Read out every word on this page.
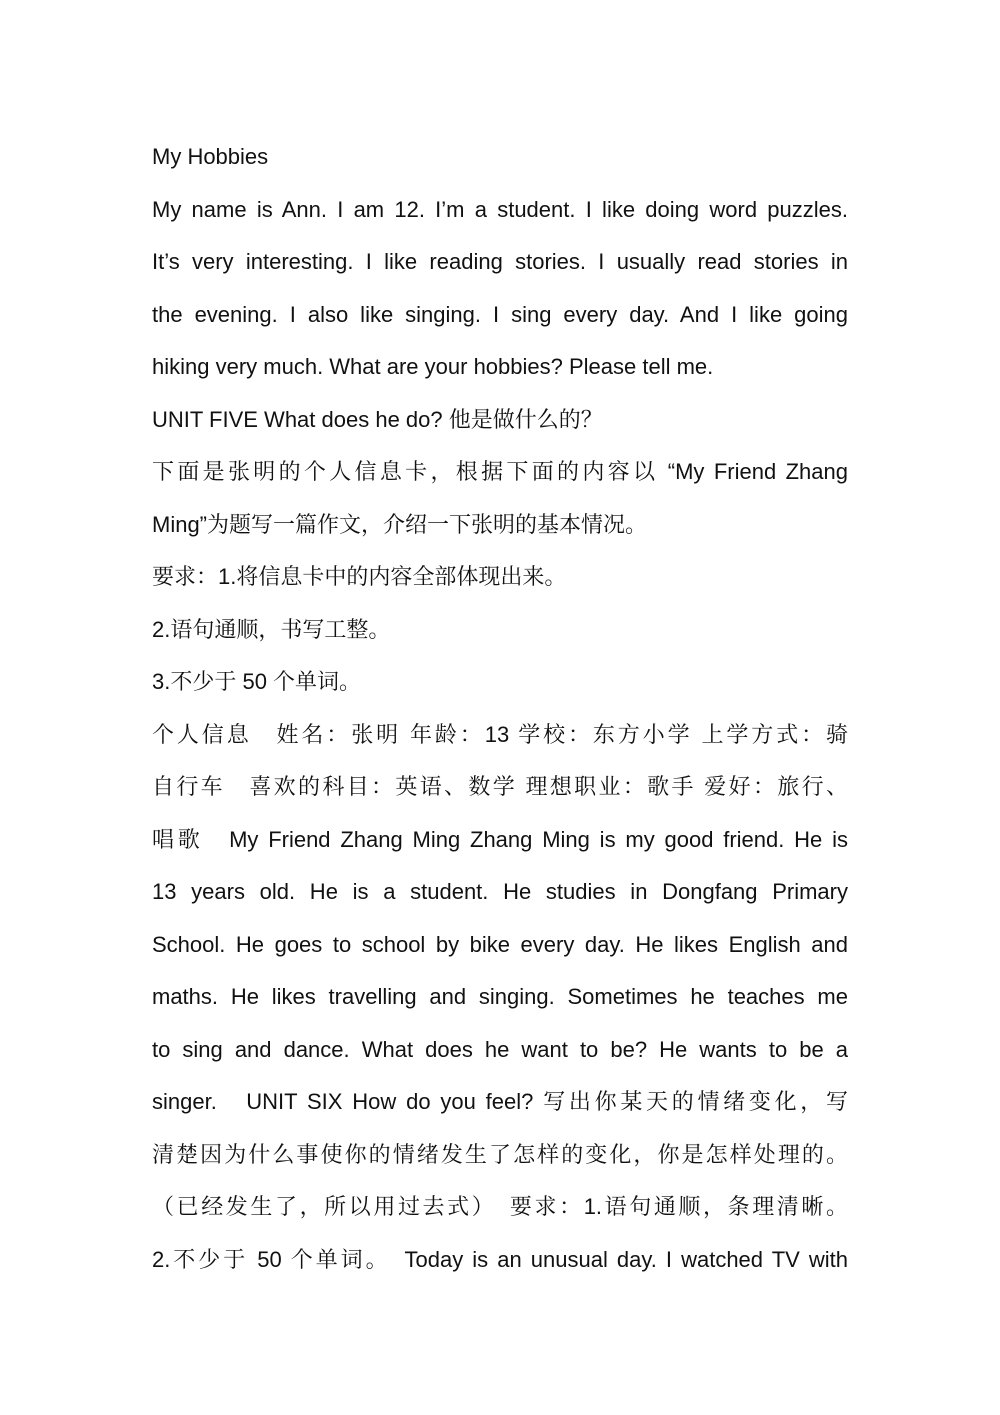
My Hobbies
My name is Ann. I am 12. I’m a student. I like doing word puzzles.
It’s very interesting. I like reading stories. I usually read stories in
the evening. I also like singing. I sing every day. And I like going
hiking very much. What are your hobbies? Please tell me.
UNIT FIVE What does he do? 他是做什么的？
下面是张明的个人信息卡，根据下面的内容以 “My Friend Zhang
Ming”为题写一篇作文，介绍一下张明的基本情况。
要求：1.将信息卡中的内容全部体现出来。
2.语句通顺，书写工整。
3.不少于 50 个单词。
个人信息　姓名：张明 年龄：13 学校：东方小学 上学方式：骑
自行车　喜欢的科目：英语、数学 理想职业：歌手 爱好：旅行、
唱歌　My Friend Zhang Ming Zhang Ming is my good friend. He is
13 years old. He is a student. He studies in Dongfang Primary
School. He goes to school by bike every day. He likes English and
maths. He likes travelling and singing. Sometimes he teaches me
to sing and dance. What does he want to be? He wants to be a
singer.　UNIT SIX How do you feel? 写出你某天的情绪变化，写
清楚因为什么事使你的情绪发生了怎样的变化，你是怎样处理的。
（已经发生了，所以用过去式）　要求：1.语句通顺，条理清晰。
2.不少于 50 个单词。　Today is an unusual day. I watched TV with
